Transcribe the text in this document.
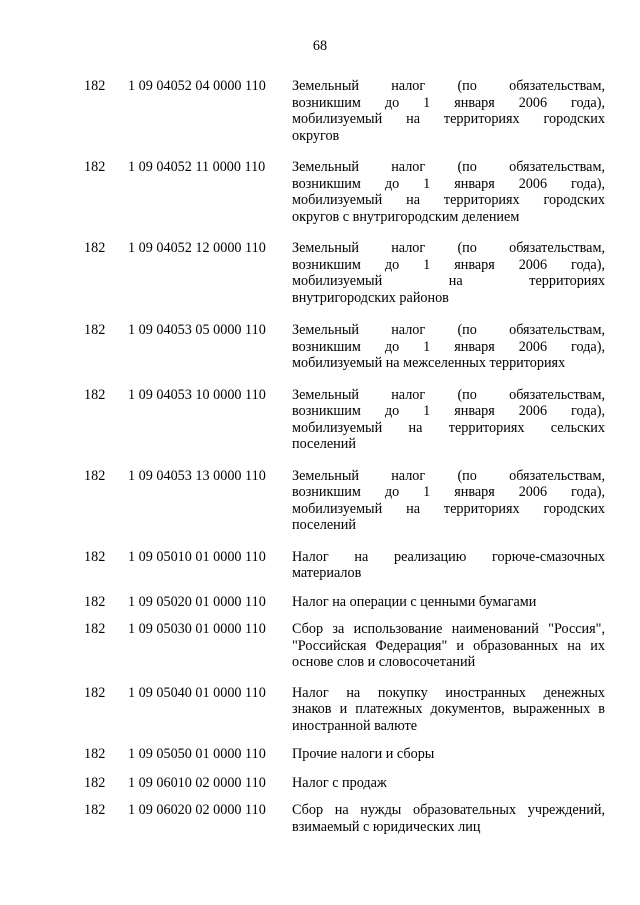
68
182	1 09 04052 04 0000 110	Земельный налог (по обязательствам,
возникшим до 1 января 2006 года),
мобилизуемый на территориях городских
округов
182	1 09 04052 11 0000 110	Земельный налог (по обязательствам,
возникшим до 1 января 2006 года),
мобилизуемый на территориях городских
округов с внутригородским делением
182	1 09 04052 12 0000 110	Земельный налог (по обязательствам,
возникшим до 1 января 2006 года),
мобилизуемый на территориях
внутригородских районов
182	1 09 04053 05 0000 110	Земельный налог (по обязательствам,
возникшим до 1 января 2006 года),
мобилизуемый на межселенных территориях
182	1 09 04053 10 0000 110	Земельный налог (по обязательствам,
возникшим до 1 января 2006 года),
мобилизуемый на территориях сельских
поселений
182	1 09 04053 13 0000 110	Земельный налог (по обязательствам,
возникшим до 1 января 2006 года),
мобилизуемый на территориях городских
поселений
182	1 09 05010 01 0000 110	Налог на реализацию горюче-смазочных
материалов
182	1 09 05020 01 0000 110	Налог на операции с ценными бумагами
182	1 09 05030 01 0000 110	Сбор за использование наименований "Россия",
"Российская Федерация" и образованных на их
основе слов и словосочетаний
182	1 09 05040 01 0000 110	Налог на покупку иностранных денежных
знаков и платежных документов, выраженных в
иностранной валюте
182	1 09 05050 01 0000 110	Прочие налоги и сборы
182	1 09 06010 02 0000 110	Налог с продаж
182	1 09 06020 02 0000 110	Сбор на нужды образовательных учреждений,
взимаемый с юридических лиц
